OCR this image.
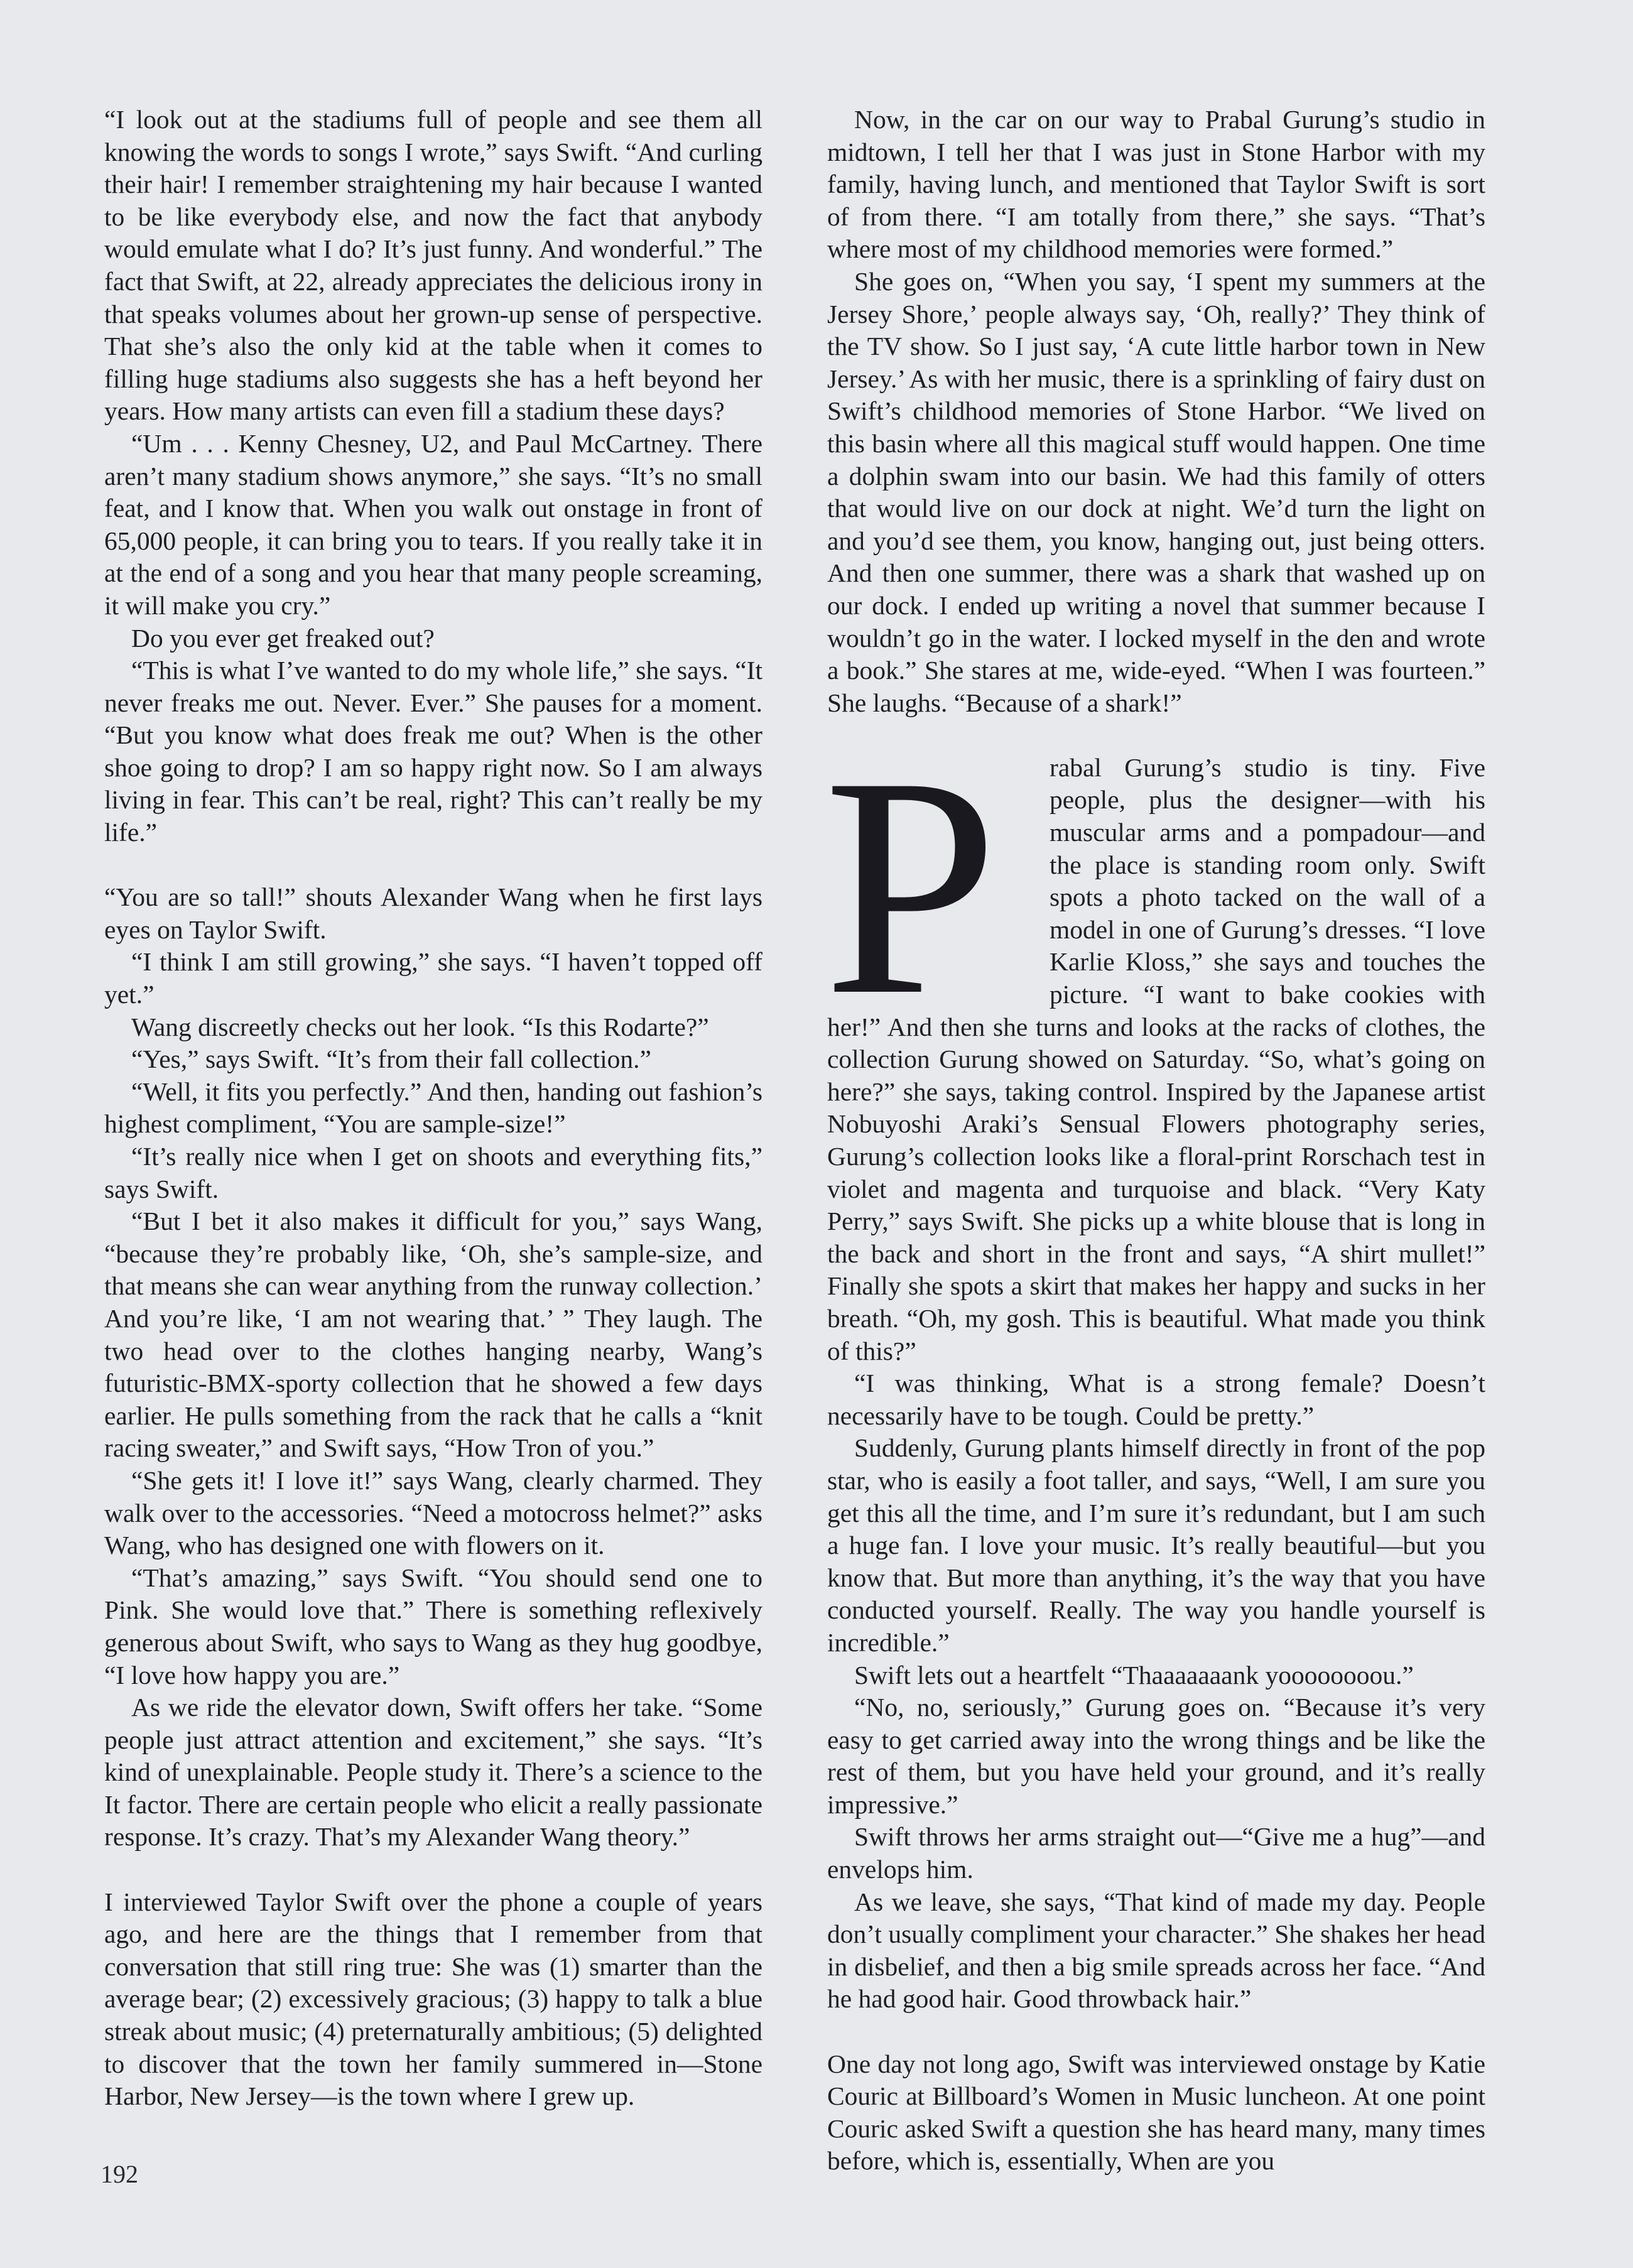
“I look out at the stadiums full of people and see them all knowing the words to songs I wrote,” says Swift. “And curling their hair! I remember straightening my hair because I wanted to be like everybody else, and now the fact that anybody would emulate what I do? It’s just funny. And wonderful.” The fact that Swift, at 22, already appreciates the delicious irony in that speaks volumes about her grown-up sense of perspective. That she’s also the only kid at the table when it comes to filling huge stadiums also suggests she has a heft beyond her years. How many artists can even fill a stadium these days?

“Um . . . Kenny Chesney, U2, and Paul McCartney. There aren’t many stadium shows anymore,” she says. “It’s no small feat, and I know that. When you walk out onstage in front of 65,000 people, it can bring you to tears. If you really take it in at the end of a song and you hear that many people screaming, it will make you cry.”

Do you ever get freaked out?

“This is what I’ve wanted to do my whole life,” she says. “It never freaks me out. Never. Ever.” She pauses for a moment. “But you know what does freak me out? When is the other shoe going to drop? I am so happy right now. So I am always living in fear. This can’t be real, right? This can’t really be my life.”

“You are so tall!” shouts Alexander Wang when he first lays eyes on Taylor Swift.

“I think I am still growing,” she says. “I haven’t topped off yet.”

Wang discreetly checks out her look. “Is this Rodarte?”

“Yes,” says Swift. “It’s from their fall collection.”

“Well, it fits you perfectly.” And then, handing out fashion’s highest compliment, “You are sample-size!”

“It’s really nice when I get on shoots and everything fits,” says Swift.

“But I bet it also makes it difficult for you,” says Wang, “because they’re probably like, ‘Oh, she’s sample-size, and that means she can wear anything from the runway collection.’ And you’re like, ‘I am not wearing that.’ ” They laugh. The two head over to the clothes hanging nearby, Wang’s futuristic-BMX-sporty collection that he showed a few days earlier. He pulls something from the rack that he calls a “knit racing sweater,” and Swift says, “How Tron of you.”

“She gets it! I love it!” says Wang, clearly charmed. They walk over to the accessories. “Need a motocross helmet?” asks Wang, who has designed one with flowers on it.

“That’s amazing,” says Swift. “You should send one to Pink. She would love that.” There is something reflexively generous about Swift, who says to Wang as they hug goodbye, “I love how happy you are.”

As we ride the elevator down, Swift offers her take. “Some people just attract attention and excitement,” she says. “It’s kind of unexplainable. People study it. There’s a science to the It factor. There are certain people who elicit a really passionate response. It’s crazy. That’s my Alexander Wang theory.”

I interviewed Taylor Swift over the phone a couple of years ago, and here are the things that I remember from that conversation that still ring true: She was (1) smarter than the average bear; (2) excessively gracious; (3) happy to talk a blue streak about music; (4) preternaturally ambitious; (5) delighted to discover that the town her family summered in—Stone Harbor, New Jersey—is the town where I grew up.

Now, in the car on our way to Prabal Gurung’s studio in midtown, I tell her that I was just in Stone Harbor with my family, having lunch, and mentioned that Taylor Swift is sort of from there. “I am totally from there,” she says. “That’s where most of my childhood memories were formed.”

She goes on, “When you say, ‘I spent my summers at the Jersey Shore,’ people always say, ‘Oh, really?’ They think of the TV show. So I just say, ‘A cute little harbor town in New Jersey.’ As with her music, there is a sprinkling of fairy dust on Swift’s childhood memories of Stone Harbor. “We lived on this basin where all this magical stuff would happen. One time a dolphin swam into our basin. We had this family of otters that would live on our dock at night. We’d turn the light on and you’d see them, you know, hanging out, just being otters. And then one summer, there was a shark that washed up on our dock. I ended up writing a novel that summer because I wouldn’t go in the water. I locked myself in the den and wrote a book.” She stares at me, wide-eyed. “When I was fourteen.” She laughs. “Because of a shark!”

P	rabal Gurung’s studio is tiny. Five people, plus the designer—with his muscular arms and a pompadour—and the place is standing room only. Swift spots a photo tacked on the wall of a model in one of Gurung’s dresses. “I love Karlie Kloss,” she says and touches the picture. “I want to bake cookies with her!” And then she turns and looks at the racks of clothes, the collection Gurung showed on Saturday. “So, what’s going on here?” she says, taking control. Inspired by the Japanese artist Nobuyoshi Araki’s Sensual Flowers photography series, Gurung’s collection looks like a floral-print Rorschach test in violet and magenta and turquoise and black. “Very Katy Perry,” says Swift. She picks up a white blouse that is long in the back and short in the front and says, “A shirt mullet!” Finally she spots a skirt that makes her happy and sucks in her breath. “Oh, my gosh. This is beautiful. What made you think of this?”

“I was thinking, What is a strong female? Doesn’t necessarily have to be tough. Could be pretty.”

Suddenly, Gurung plants himself directly in front of the pop star, who is easily a foot taller, and says, “Well, I am sure you get this all the time, and I’m sure it’s redundant, but I am such a huge fan. I love your music. It’s really beautiful—but you know that. But more than anything, it’s the way that you have conducted yourself. Really. The way you handle yourself is incredible.”

Swift lets out a heartfelt “Thaaaaaaank yoooooooou.”

“No, no, seriously,” Gurung goes on. “Because it’s very easy to get carried away into the wrong things and be like the rest of them, but you have held your ground, and it’s really impressive.”

Swift throws her arms straight out—“Give me a hug”—and envelops him.

As we leave, she says, “That kind of made my day. People don’t usually compliment your character.” She shakes her head in disbelief, and then a big smile spreads across her face. “And he had good hair. Good throwback hair.”

One day not long ago, Swift was interviewed onstage by Katie Couric at Billboard’s Women in Music luncheon. At one point Couric asked Swift a question she has heard many, many times before, which is, essentially, When are you

192
